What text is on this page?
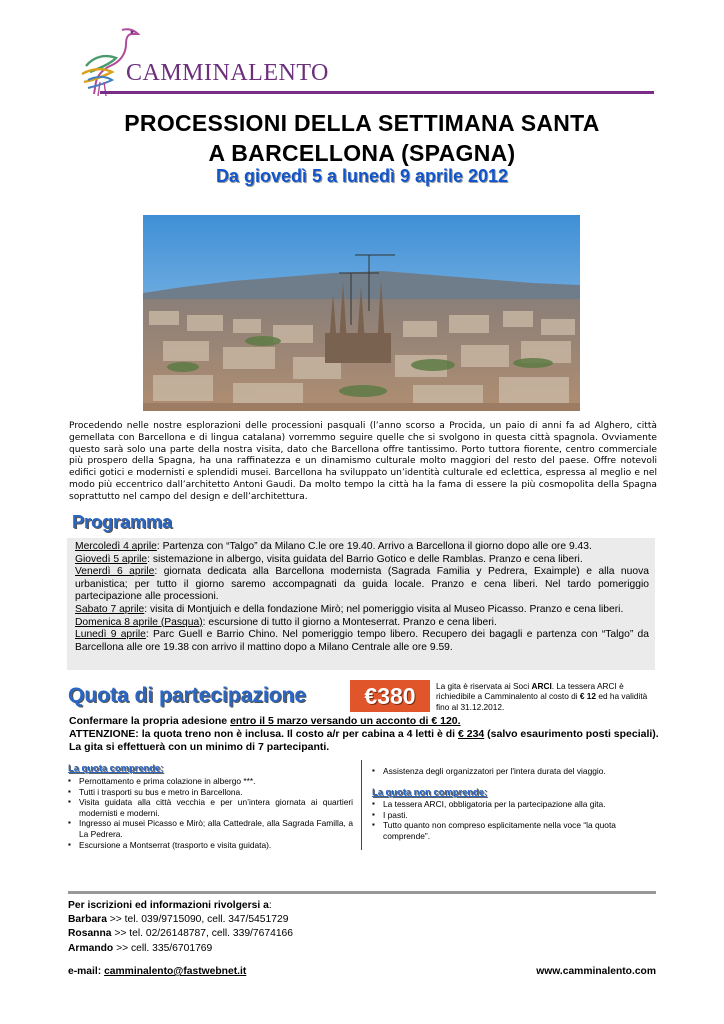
CAMMINALENTO
PROCESSIONI DELLA SETTIMANA SANTA
A BARCELLONA (SPAGNA)
Da giovedì 5 a lunedì 9 aprile 2012
Procedendo nelle nostre esplorazioni delle processioni pasquali (l’anno scorso a Procida, un paio di anni fa ad Alghero, città gemellata con Barcellona e di lingua catalana) vorremmo seguire quelle che si svolgono in questa città spagnola. Ovviamente questo sarà solo una parte della nostra visita, dato che Barcellona offre tantissimo. Porto tuttora fiorente, centro commerciale più prospero della Spagna, ha una raffinatezza e un dinamismo culturale molto maggiori del resto del paese. Offre notevoli edifici gotici e modernisti e splendidi musei. Barcellona ha sviluppato un’identità culturale ed eclettica, espressa al meglio e nel modo più eccentrico dall’architetto Antoni Gaudi. Da molto tempo la città ha la fama di essere la più cosmopolita della Spagna soprattutto nel campo del design e dell’architettura.
Programma
Mercoledì 4 aprile: Partenza con “Talgo” da Milano C.le ore 19.40. Arrivo a Barcellona il giorno dopo alle ore 9.43.
Giovedì 5 aprile: sistemazione in albergo, visita guidata del Barrio Gotico e delle Ramblas. Pranzo e cena liberi.
Venerdì 6 aprile: giornata dedicata alla Barcellona modernista (Sagrada Familia y Pedrera, Exaimple) e alla nuova urbanistica; per tutto il giorno saremo accompagnati da guida locale. Pranzo e cena liberi. Nel tardo pomeriggio partecipazione alle processioni.
Sabato 7 aprile: visita di Montjuich e della fondazione Mirò; nel pomeriggio visita al Museo Picasso. Pranzo e cena liberi.
Domenica 8 aprile (Pasqua): escursione di tutto il giorno a Monteserrat. Pranzo e cena liberi.
Lunedì 9 aprile: Parc Guell e Barrio Chino. Nel pomeriggio tempo libero. Recupero dei bagagli e partenza con “Talgo” da Barcellona alle ore 19.38 con arrivo il mattino dopo a Milano Centrale alle ore 9.59.
Quota di partecipazione	€380	La gita è riservata ai Soci ARCI. La tessera ARCI è richiedibile a Camminalento al costo di € 12 ed ha validità fino al 31.12.2012.
Confermare la propria adesione entro il 5 marzo versando un acconto di € 120.
ATTENZIONE: la quota treno non è inclusa. Il costo a/r per cabina a 4 letti è di € 234 (salvo esaurimento posti speciali). La gita si effettuerà con un minimo di 7 partecipanti.
La quota comprende:
▪ Pernottamento e prima colazione in albergo ***.
▪ Tutti i trasporti su bus e metro in Barcellona.
▪ Visita guidata alla città vecchia e per un’intera giornata ai quartieri modernisti e moderni.
▪ Ingresso ai musei Picasso e Mirò; alla Cattedrale, alla Sagrada Familla, a La Pedrera.
▪ Escursione a Montserrat (trasporto e visita guidata).
▪ Assistenza degli organizzatori per l'intera durata del viaggio.
La quota non comprende:
▪ La tessera ARCI, obbligatoria per la partecipazione alla gita.
▪ I pasti.
▪ Tutto quanto non compreso esplicitamente nella voce “la quota comprende”.
Per iscrizioni ed informazioni rivolgersi a:
Barbara >> tel. 039/9715090, cell. 347/5451729
Rosanna >> tel. 02/26148787, cell. 339/7674166
Armando >> cell. 335/6701769
e-mail: camminalento@fastwebnet.it	www.camminalento.com
